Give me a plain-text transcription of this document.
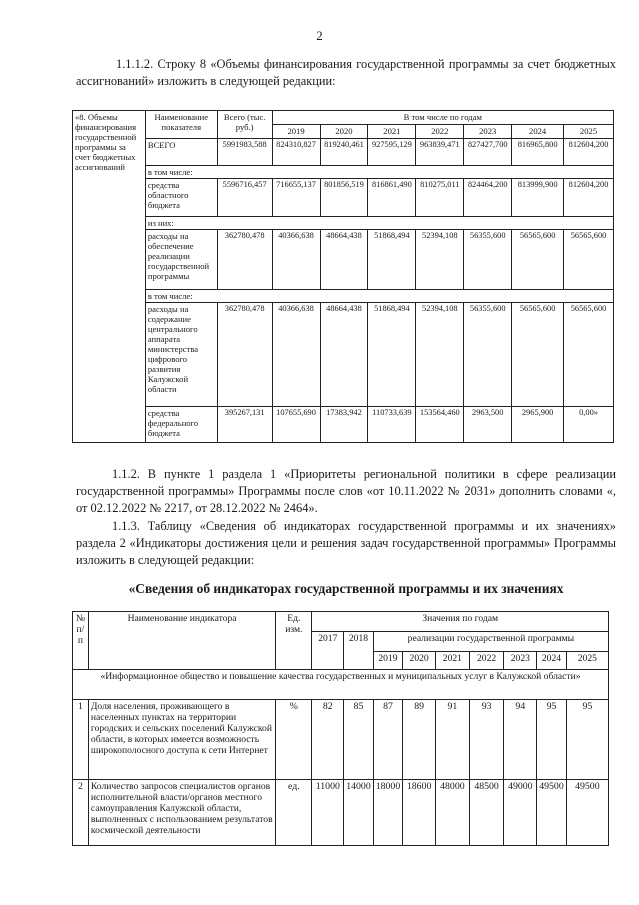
2
1.1.1.2. Строку 8 «Объемы финансирования государственной программы за счет бюджетных ассигнований» изложить в следующей редакции:
«8. Объемы финансирования государственной программы за счет бюджетных ассигнований	Наименование показателя	Всего (тыс. руб.)	В том числе по годам						
			2019	2020	2021	2022	2023	2024	2025
	ВСЕГО	5991983,588	824310,827	819240,461	927595,129	963839,471	827427,700	816965,800	812604,200
	в том числе:								
	средства областного бюджета	5596716,457	716655,137	801856,519	816861,490	810275,011	824464,200	813999,900	812604,200
	из них:								
	расходы на обеспечение реализации государственной программы	362780,478	40366,638	48664,438	51868,494	52394,108	56355,600	56565,600	56565,600
	в том числе:								
	расходы на содержание центрального аппарата министерства цифрового развития Калужской области	362780,478	40366,638	48664,438	51868,494	52394,108	56355,600	56565,600	56565,600
	средства федерального бюджета	395267,131	107655,690	17383,942	110733,639	153564,460	2963,500	2965,900	0,00»
1.1.2. В пункте 1 раздела 1 «Приоритеты региональной политики в сфере реализации государственной программы» Программы после слов «от 10.11.2022 № 2031» дополнить словами «, от 02.12.2022 № 2217, от 28.12.2022 № 2464».
1.1.3. Таблицу «Сведения об индикаторах государственной программы и их значениях» раздела 2 «Индикаторы достижения цели и решения задач государственной программы» Программы изложить в следующей редакции:
«Сведения об индикаторах государственной программы и их значениях
№ п/п	Наименование индикатора	Ед. изм.	Значения по годам								
			2017	2018	реализации государственной программы						
					2019	2020	2021	2022	2023	2024	2025
«Информационное общество и повышение качества государственных и муниципальных услуг в Калужской области»											
1	Доля населения, проживающего в населенных пунктах на территории городских и сельских поселений Калужской области, в которых имеется возможность широкополосного доступа к сети Интернет	%	82	85	87	89	91	93	94	95	95
2	Количество запросов специалистов органов исполнительной власти/органов местного самоуправления Калужской области, выполненных с использованием результатов космической деятельности	ед.	11000	14000	18000	18600	48000	48500	49000	49500	49500
